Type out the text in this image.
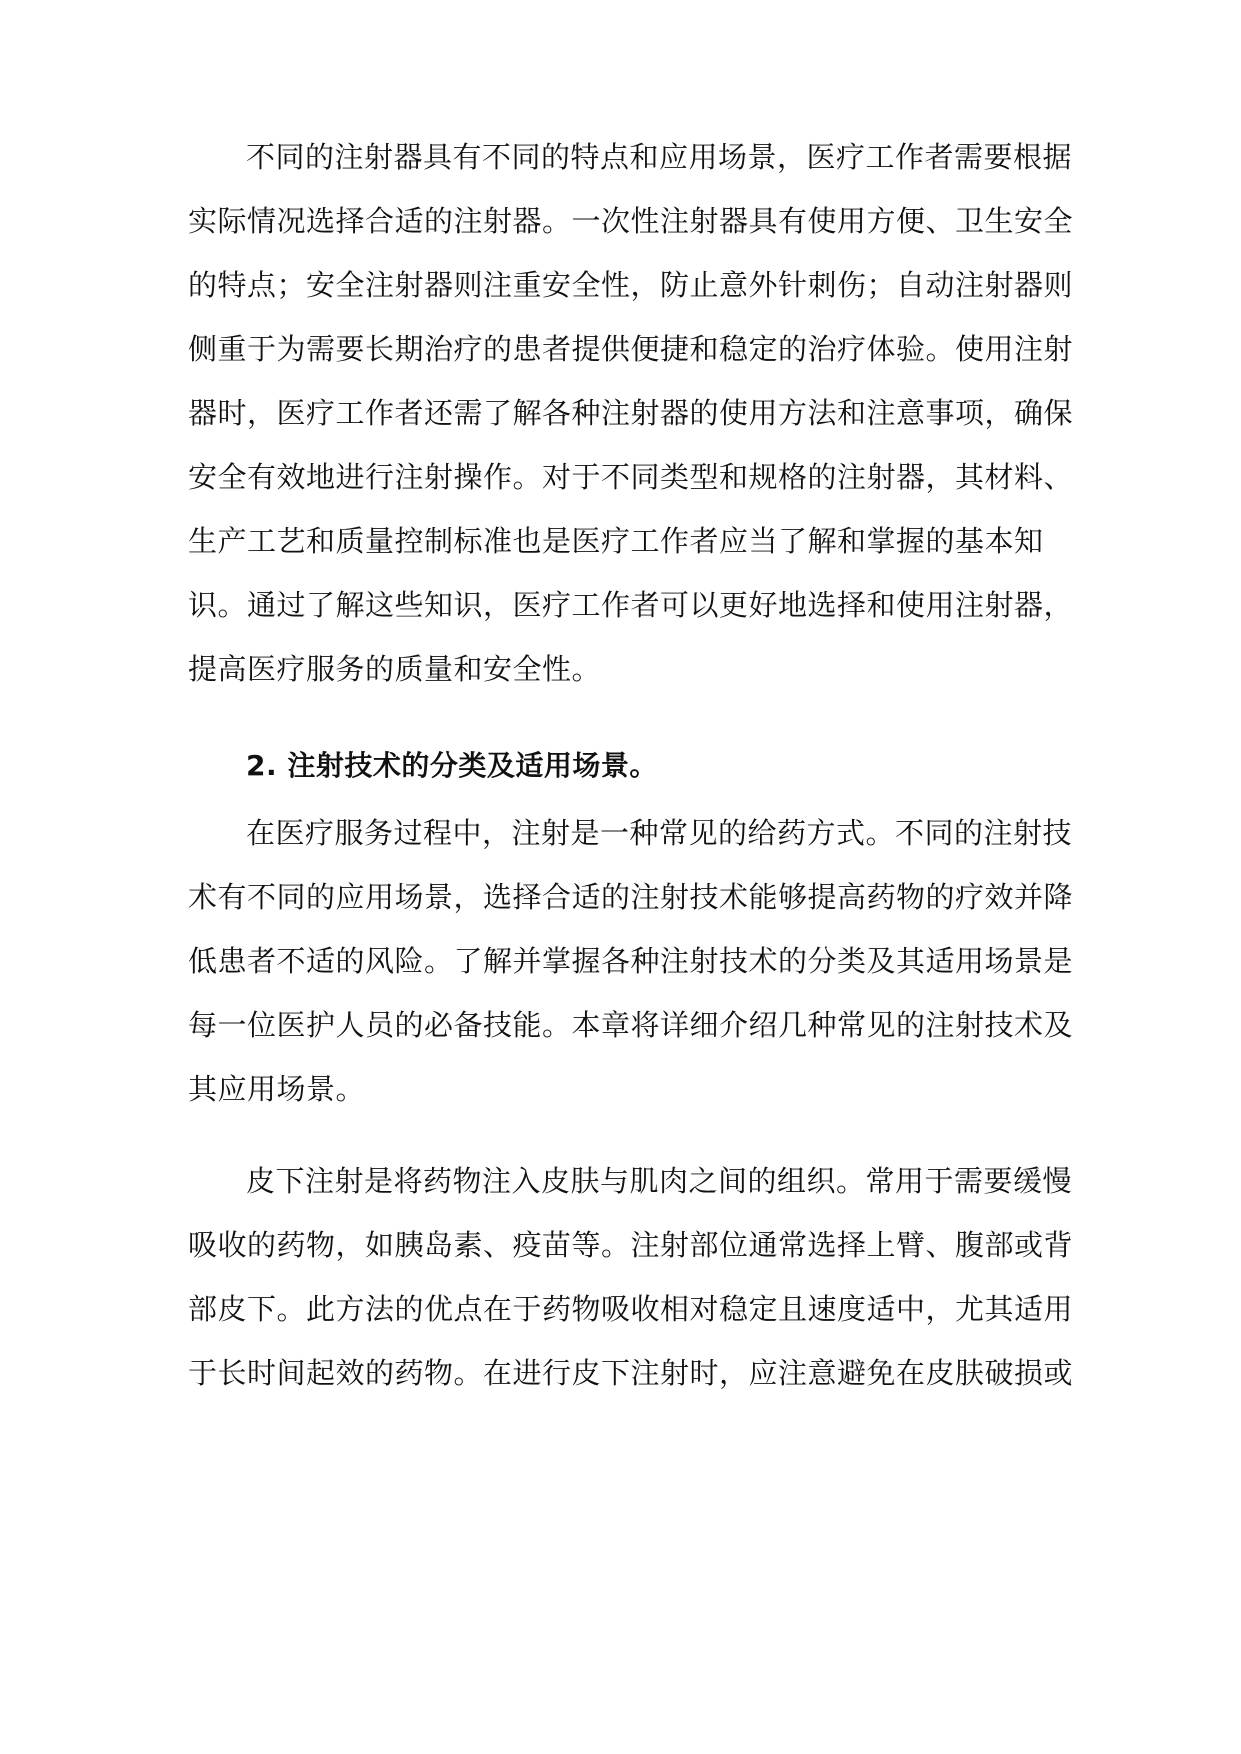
不同的注射器具有不同的特点和应用场景，医疗工作者需要根据
实际情况选择合适的注射器。一次性注射器具有使用方便、卫生安全
的特点；安全注射器则注重安全性，防止意外针刺伤；自动注射器则
侧重于为需要长期治疗的患者提供便捷和稳定的治疗体验。使用注射
器时，医疗工作者还需了解各种注射器的使用方法和注意事项，确保
安全有效地进行注射操作。对于不同类型和规格的注射器，其材料、
生产工艺和质量控制标准也是医疗工作者应当了解和掌握的基本知
识。通过了解这些知识，医疗工作者可以更好地选择和使用注射器，
提高医疗服务的质量和安全性。
2. 注射技术的分类及适用场景。
在医疗服务过程中，注射是一种常见的给药方式。不同的注射技
术有不同的应用场景，选择合适的注射技术能够提高药物的疗效并降
低患者不适的风险。了解并掌握各种注射技术的分类及其适用场景是
每一位医护人员的必备技能。本章将详细介绍几种常见的注射技术及
其应用场景。
皮下注射是将药物注入皮肤与肌肉之间的组织。常用于需要缓慢
吸收的药物，如胰岛素、疫苗等。注射部位通常选择上臂、腹部或背
部皮下。此方法的优点在于药物吸收相对稳定且速度适中，尤其适用
于长时间起效的药物。在进行皮下注射时，应注意避免在皮肤破损或
